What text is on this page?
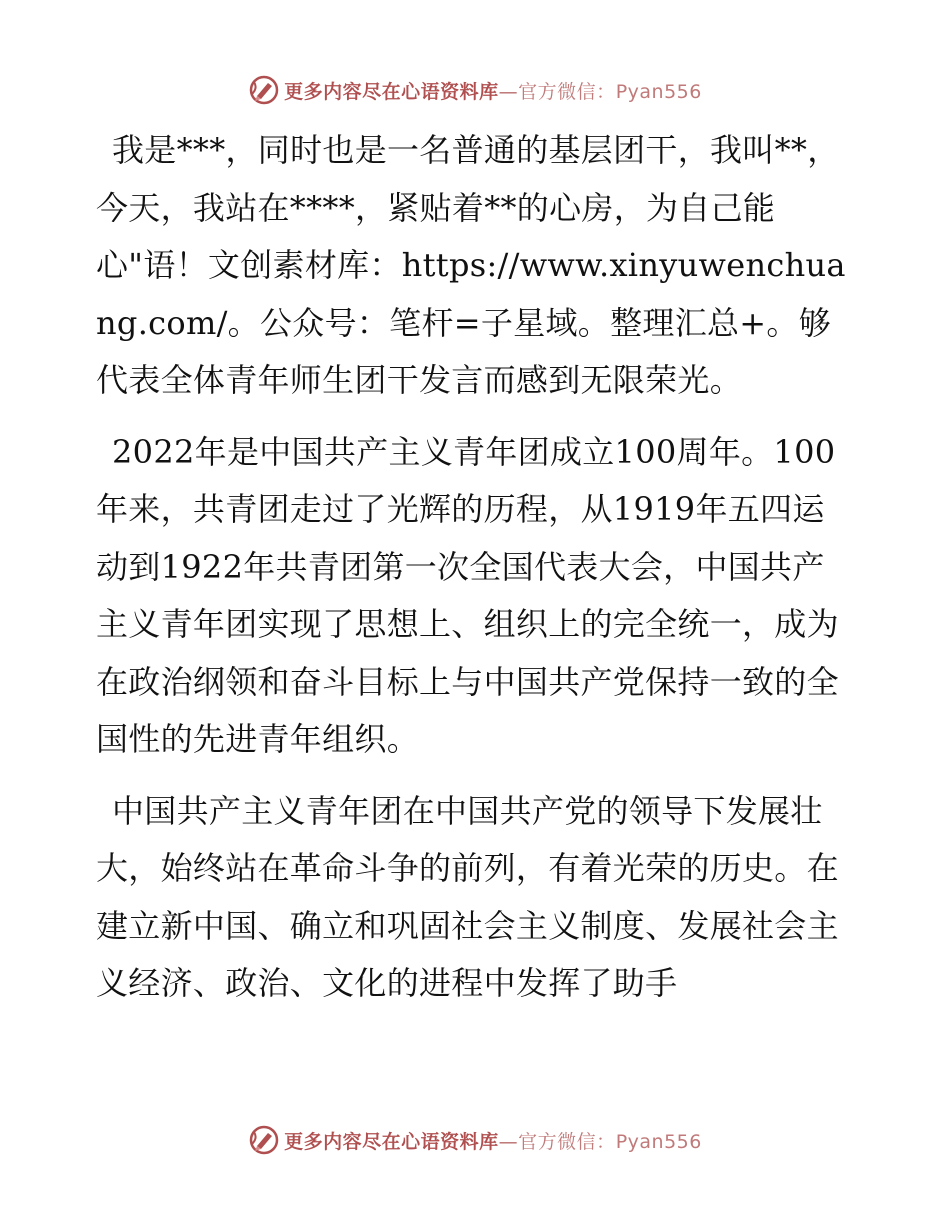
更多内容尽在心语资料库—官方微信：Pyan556

我是***，同时也是一名普通的基层团干，我叫**，今天，我站在****，紧贴着**的心房，为自己能心"语！文创素材库：https://www.xinyuwenchuang.com/。公众号：笔杆=子星域。整理汇总+。够代表全体青年师生团干发言而感到无限荣光。

2022年是中国共产主义青年团成立100周年。100年来，共青团走过了光辉的历程，从1919年五四运动到1922年共青团第一次全国代表大会，中国共产主义青年团实现了思想上、组织上的完全统一，成为在政治纲领和奋斗目标上与中国共产党保持一致的全国性的先进青年组织。

中国共产主义青年团在中国共产党的领导下发展壮大，始终站在革命斗争的前列，有着光荣的历史。在建立新中国、确立和巩固社会主义制度、发展社会主义经济、政治、文化的进程中发挥了助手

更多内容尽在心语资料库—官方微信：Pyan556
